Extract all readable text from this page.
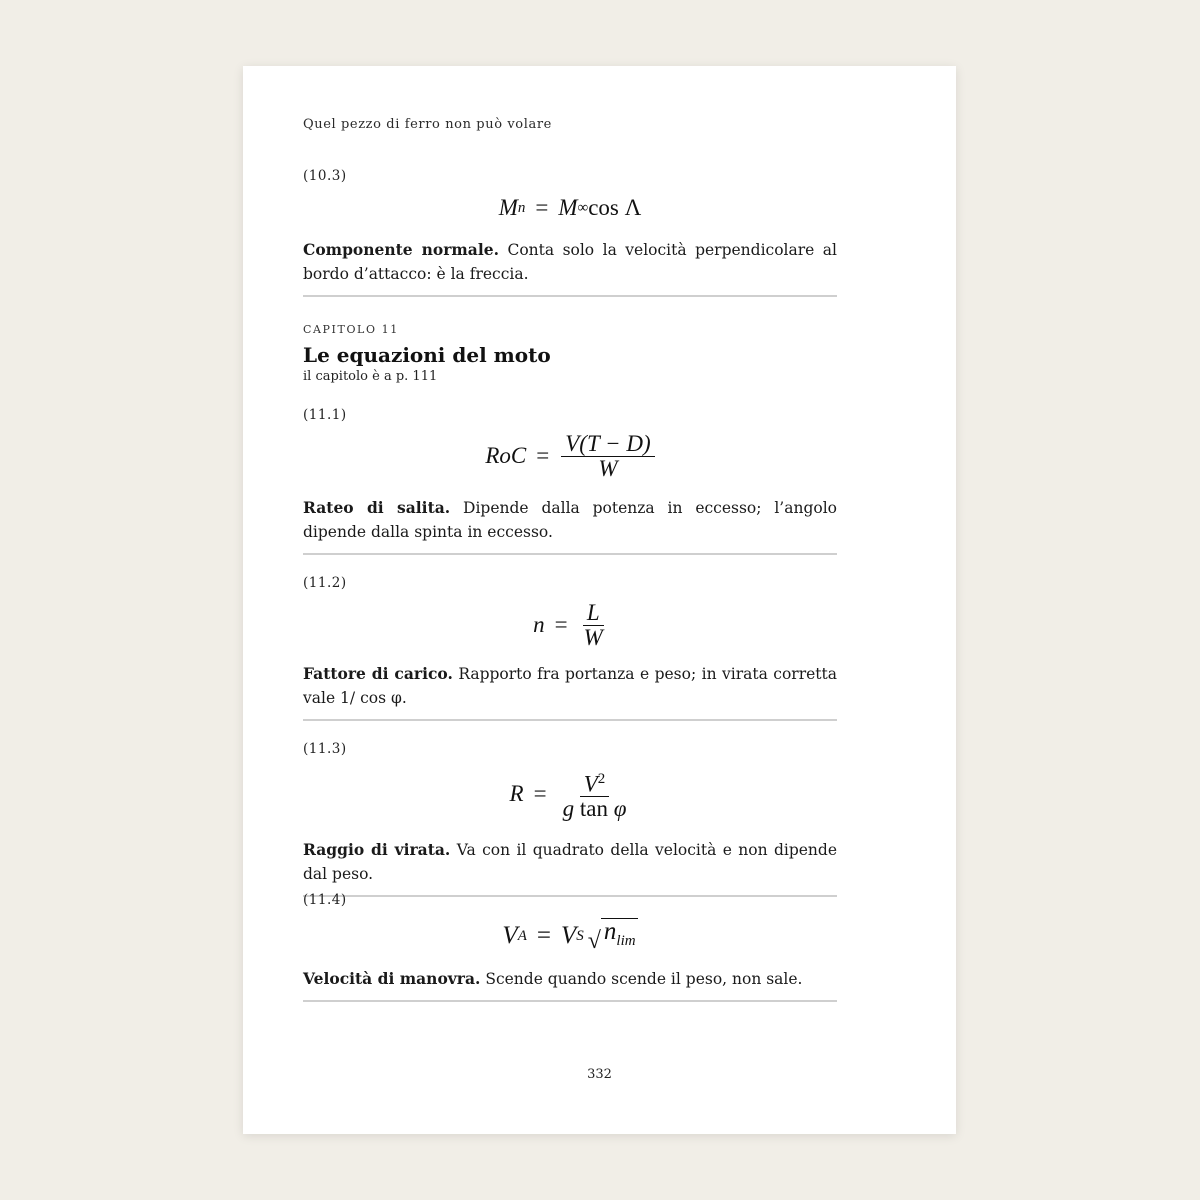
Quel pezzo di ferro non può volare
(10.3)
M n = M ∞ cos Λ
Componente normale. Conta solo la velocità perpendicolare al bordo d’attacco: è la freccia.
CAPITOLO 11
Le equazioni del moto
il capitolo è a p. 111
(11.1)
RoC = $\frac{V(T - D)}{W}$
Rateo di salita. Dipende dalla potenza in eccesso; l’angolo dipende dalla spinta in eccesso.
(11.2)
$n = \frac{L}{W}$
Fattore di carico. Rapporto fra portanza e peso; in virata corretta vale 1/ cos φ.
(11.3)
$R = \frac{V^2}{\text{g tan φ}}$
Raggio di virata. Va con il quadrato della velocità e non dipende dal peso.
(11.4)
V A = V S √ $n_{lim}$
Velocità di manovra. Scende quando scende il peso, non sale.
332
